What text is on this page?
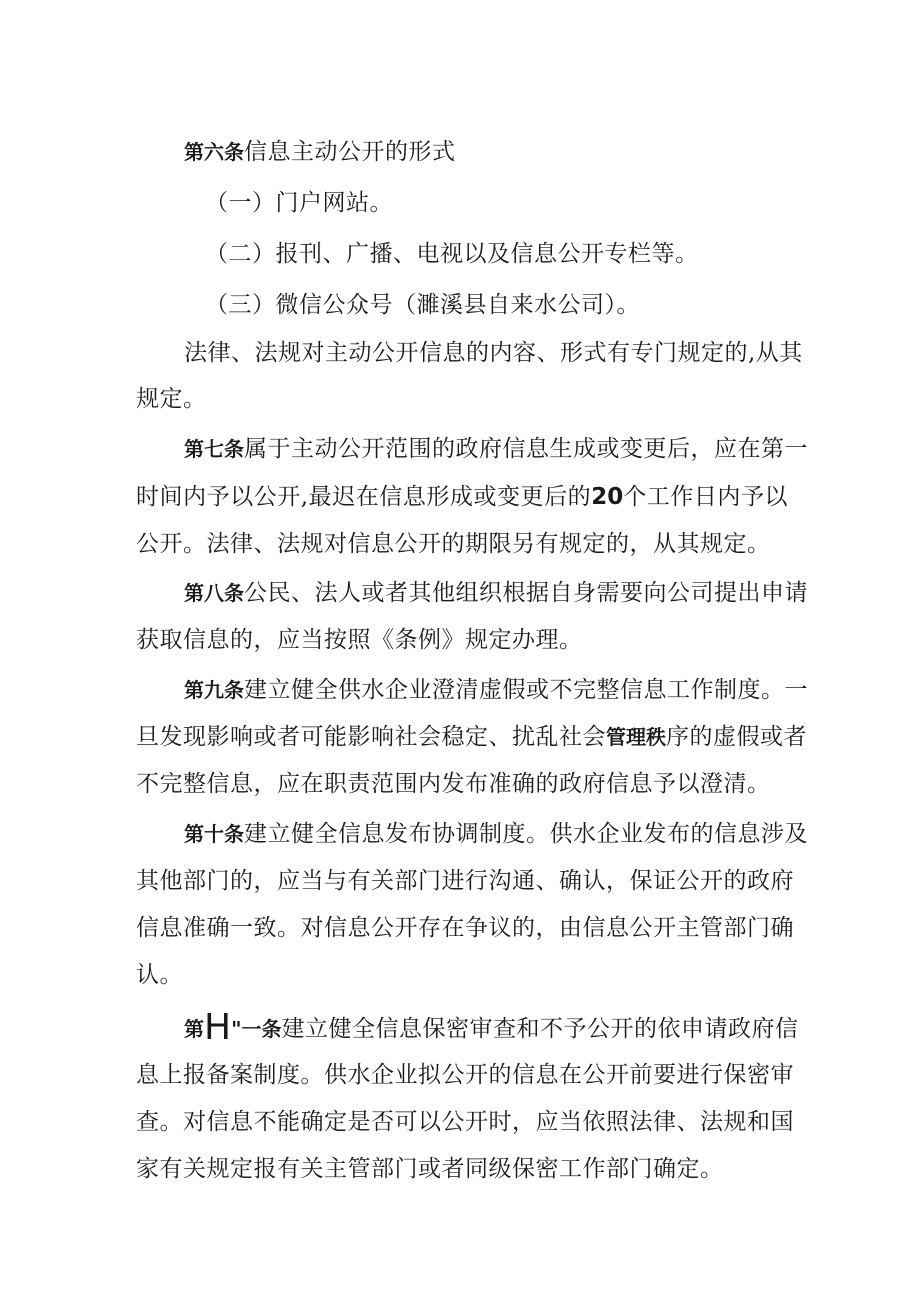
第六条信息主动公开的形式
（一）门户网站。
（二）报刊、广播、电视以及信息公开专栏等。
（三）微信公众号（濉溪县自来水公司）。
法律、法规对主动公开信息的内容、形式有专门规定的,从其
规定。
第七条属于主动公开范围的政府信息生成或变更后，应在第一
时间内予以公开,最迟在信息形成或变更后的20个工作日内予以
公开。法律、法规对信息公开的期限另有规定的，从其规定。
第八条公民、法人或者其他组织根据自身需要向公司提出申请
获取信息的，应当按照《条例》规定办理。
第九条建立健全供水企业澄清虚假或不完整信息工作制度。一
旦发现影响或者可能影响社会稳定、扰乱社会管理秩序的虚假或者
不完整信息，应在职责范围内发布准确的政府信息予以澄清。
第十条建立健全信息发布协调制度。供水企业发布的信息涉及
其他部门的，应当与有关部门进行沟通、确认，保证公开的政府
信息准确一致。对信息公开存在争议的，由信息公开主管部门确
认。
第H"一条建立健全信息保密审查和不予公开的依申请政府信
息上报备案制度。供水企业拟公开的信息在公开前要进行保密审
查。对信息不能确定是否可以公开时，应当依照法律、法规和国
家有关规定报有关主管部门或者同级保密工作部门确定。
